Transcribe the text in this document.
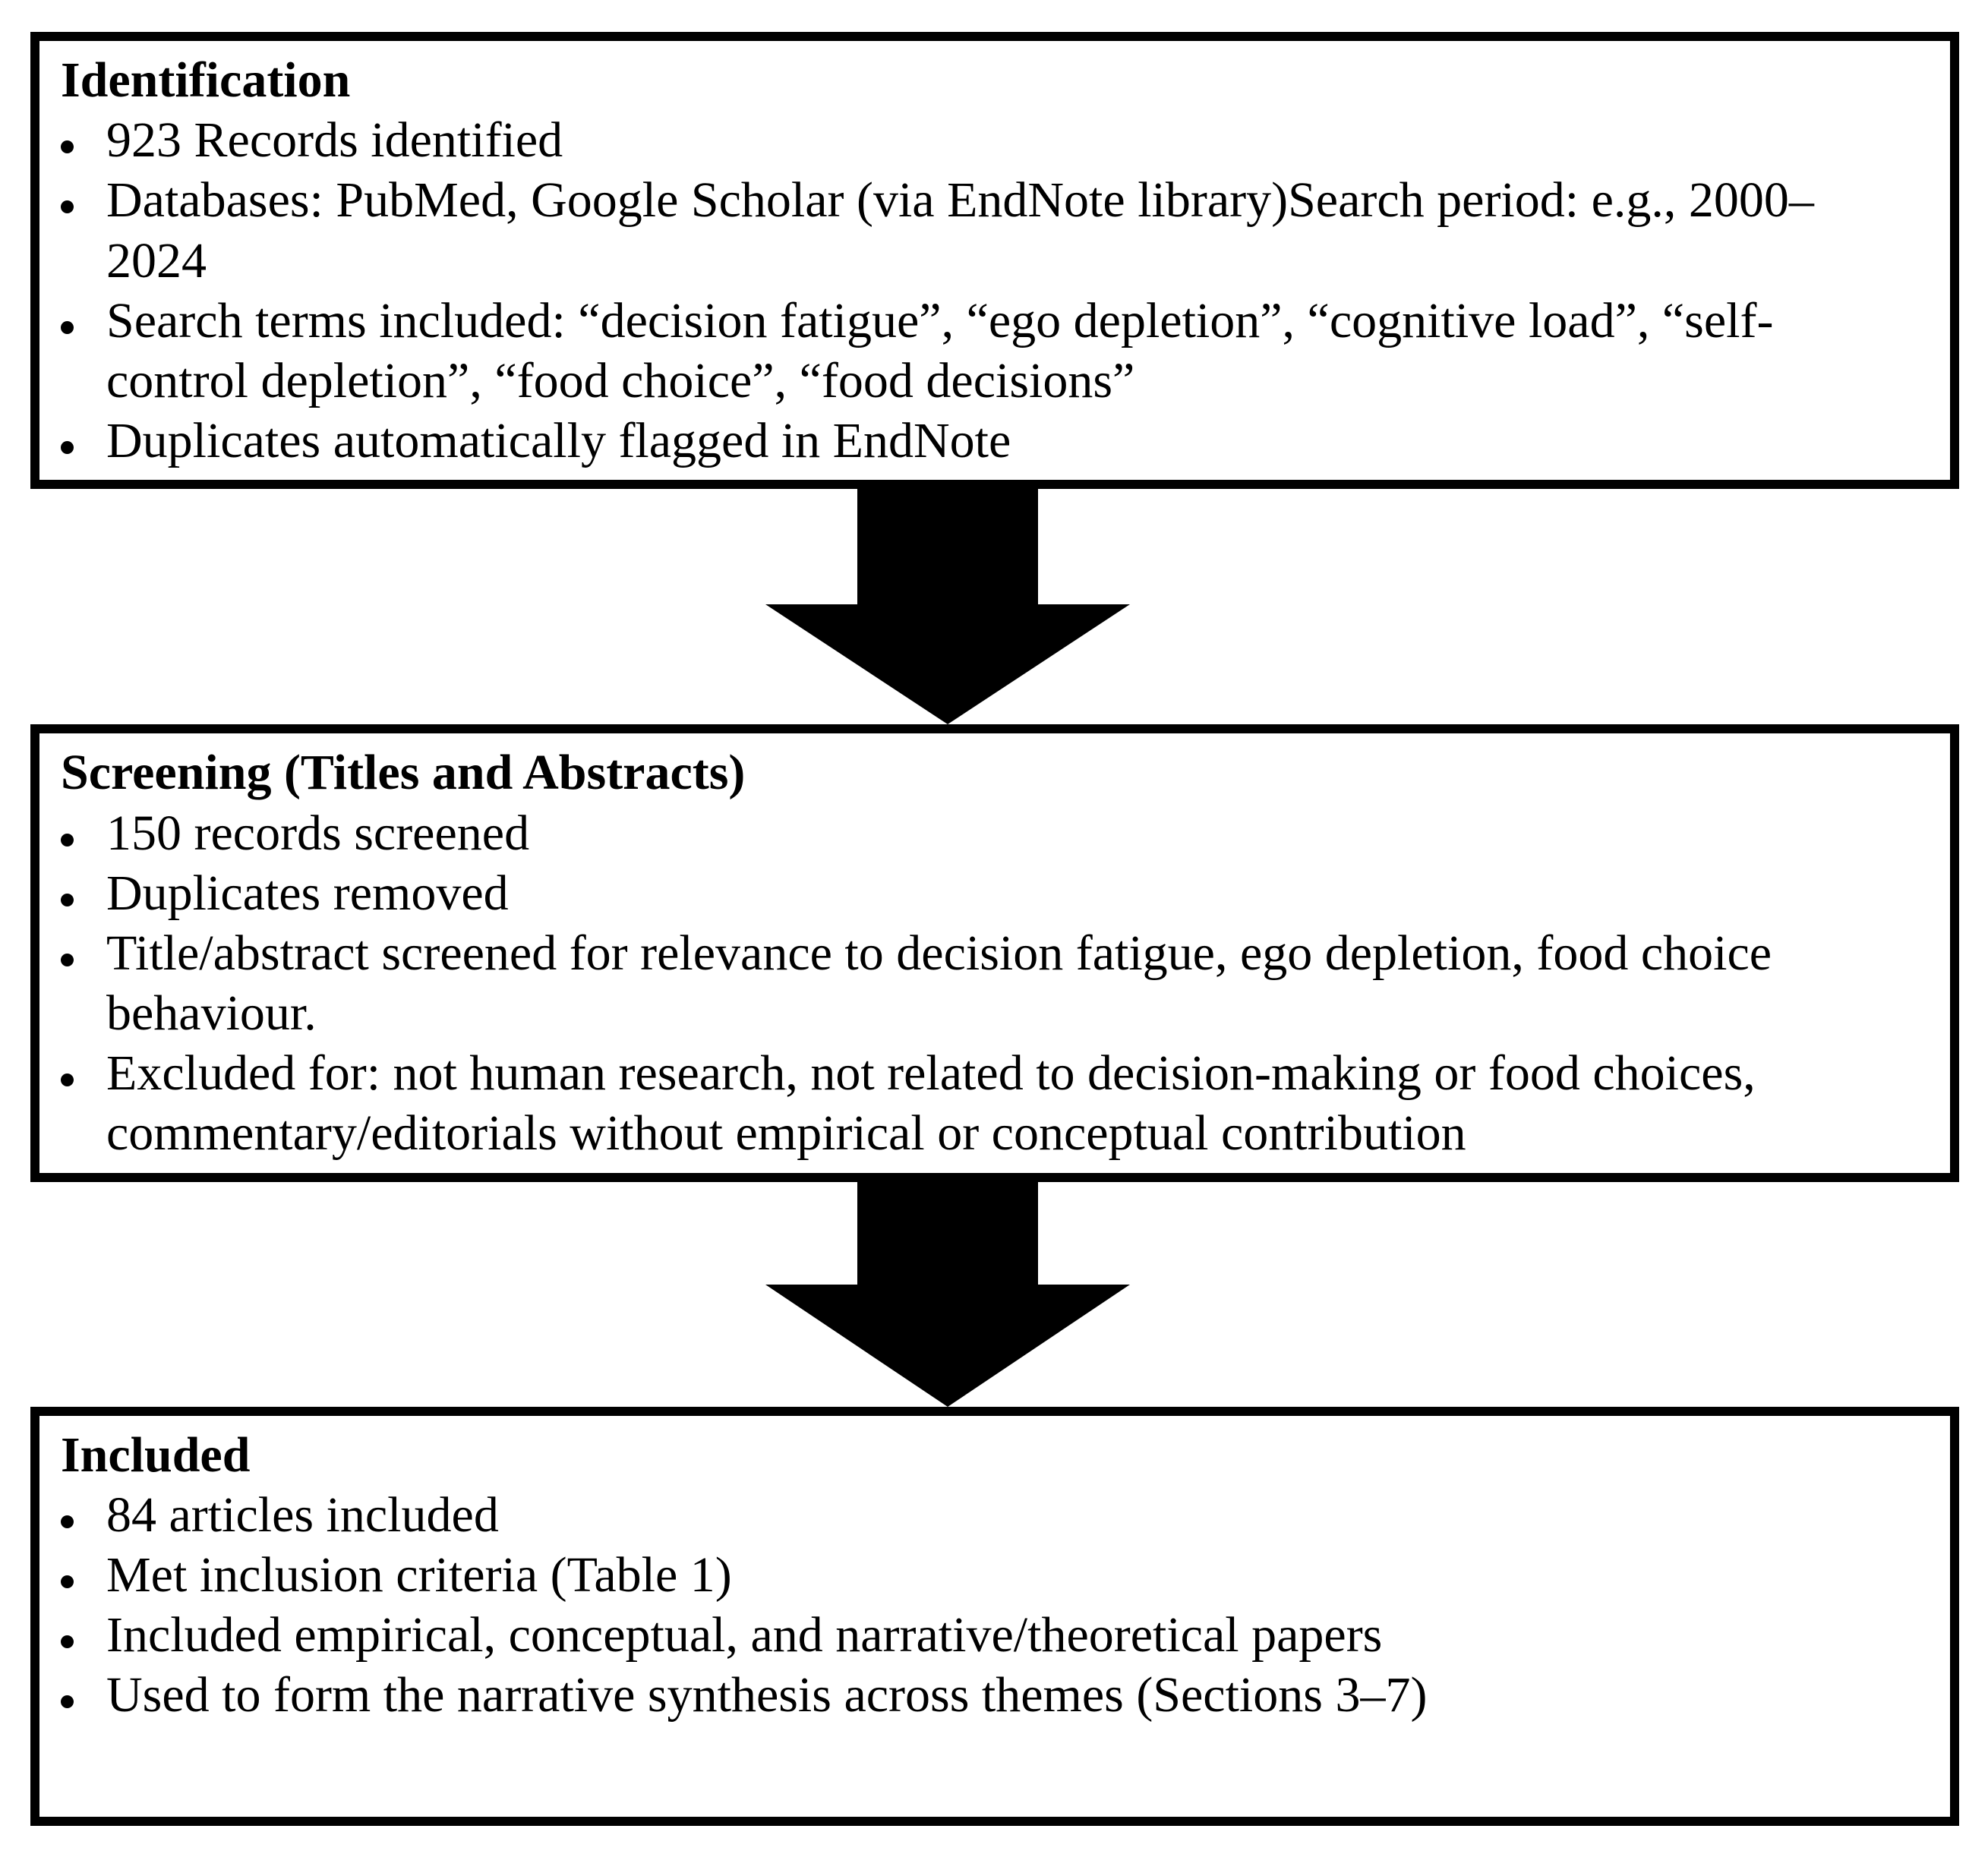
Identification
923 Records identified
Databases: PubMed, Google Scholar (via EndNote library)Search period: e.g., 2000–2024
Search terms included: “decision fatigue”, “ego depletion”, “cognitive load”, “self-control depletion”, “food choice”, “food decisions”
Duplicates automatically flagged in EndNote
Screening (Titles and Abstracts)
150 records screened
Duplicates removed
Title/abstract screened for relevance to decision fatigue, ego depletion, food choice behaviour.
Excluded for: not human research, not related to decision-making or food choices, commentary/editorials without empirical or conceptual contribution
Included
84 articles included
Met inclusion criteria (Table 1)
Included empirical, conceptual, and narrative/theoretical papers
Used to form the narrative synthesis across themes (Sections 3–7)
